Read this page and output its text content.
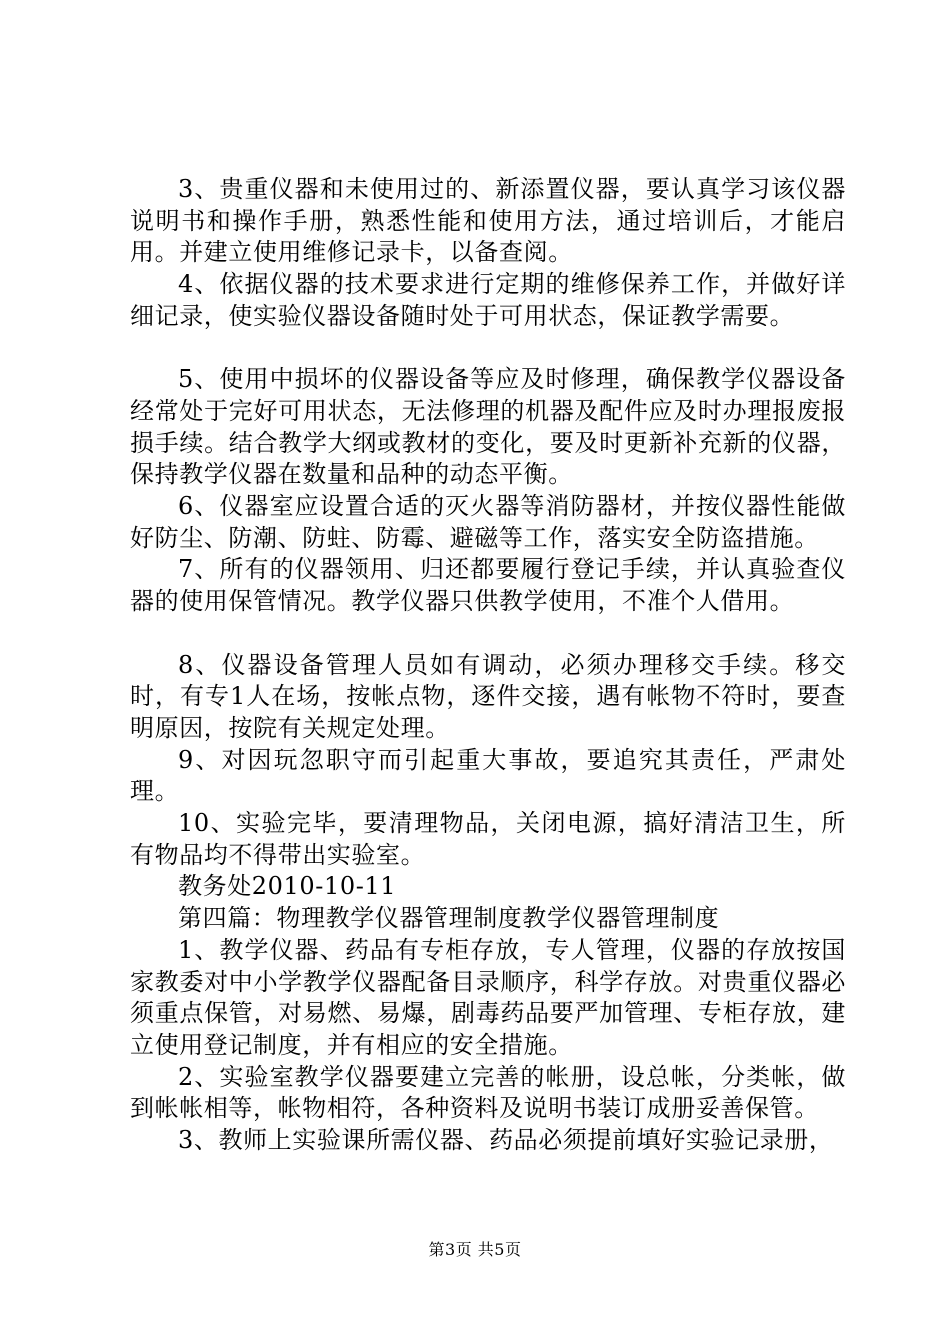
3、贵重仪器和未使用过的、新添置仪器，要认真学习该仪器说明书和操作手册，熟悉性能和使用方法，通过培训后，才能启用。并建立使用维修记录卡，以备查阅。

4、依据仪器的技术要求进行定期的维修保养工作，并做好详细记录，使实验仪器设备随时处于可用状态，保证教学需要。

5、使用中损坏的仪器设备等应及时修理，确保教学仪器设备经常处于完好可用状态，无法修理的机器及配件应及时办理报废报损手续。结合教学大纲或教材的变化，要及时更新补充新的仪器，保持教学仪器在数量和品种的动态平衡。

6、仪器室应设置合适的灭火器等消防器材，并按仪器性能做好防尘、防潮、防蛀、防霉、避磁等工作，落实安全防盗措施。

7、所有的仪器领用、归还都要履行登记手续，并认真验查仪器的使用保管情况。教学仪器只供教学使用，不准个人借用。

8、仪器设备管理人员如有调动，必须办理移交手续。移交时，有专1人在场，按帐点物，逐件交接，遇有帐物不符时，要查明原因，按院有关规定处理。

9、对因玩忽职守而引起重大事故，要追究其责任，严肃处理。

10、实验完毕，要清理物品，关闭电源，搞好清洁卫生，所有物品均不得带出实验室。

教务处2010-10-11

第四篇：物理教学仪器管理制度教学仪器管理制度

1、教学仪器、药品有专柜存放，专人管理，仪器的存放按国家教委对中小学教学仪器配备目录顺序，科学存放。对贵重仪器必须重点保管，对易燃、易爆，剧毒药品要严加管理、专柜存放，建立使用登记制度，并有相应的安全措施。

2、实验室教学仪器要建立完善的帐册，设总帐，分类帐，做到帐帐相等，帐物相符，各种资料及说明书装订成册妥善保管。

3、教师上实验课所需仪器、药品必须提前填好实验记录册，

第3页 共5页
